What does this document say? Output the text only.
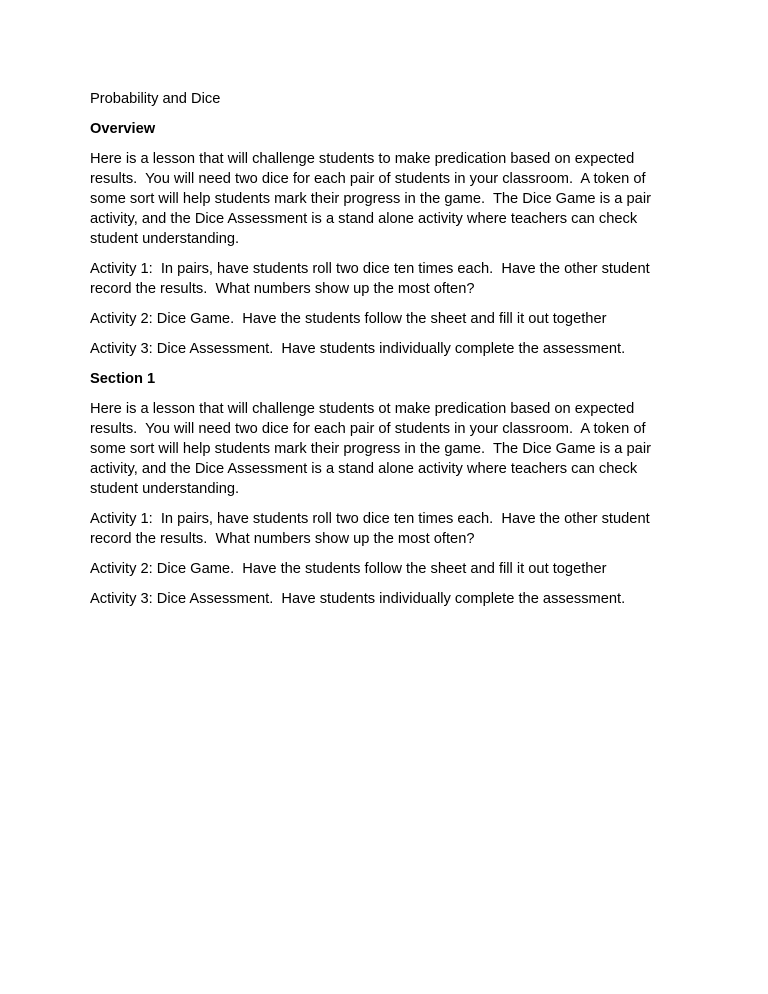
Probability and Dice

Overview

Here is a lesson that will challenge students to make predication based on expected results.  You will need two dice for each pair of students in your classroom.  A token of some sort will help students mark their progress in the game.  The Dice Game is a pair activity, and the Dice Assessment is a stand alone activity where teachers can check student understanding.

Activity 1:  In pairs, have students roll two dice ten times each.  Have the other student record the results.  What numbers show up the most often?

Activity 2: Dice Game.  Have the students follow the sheet and fill it out together

Activity 3: Dice Assessment.  Have students individually complete the assessment.

Section 1

Here is a lesson that will challenge students ot make predication based on expected results.  You will need two dice for each pair of students in your classroom.  A token of some sort will help students mark their progress in the game.  The Dice Game is a pair activity, and the Dice Assessment is a stand alone activity where teachers can check student understanding.

Activity 1:  In pairs, have students roll two dice ten times each.  Have the other student record the results.  What numbers show up the most often?

Activity 2: Dice Game.  Have the students follow the sheet and fill it out together

Activity 3: Dice Assessment.  Have students individually complete the assessment.
